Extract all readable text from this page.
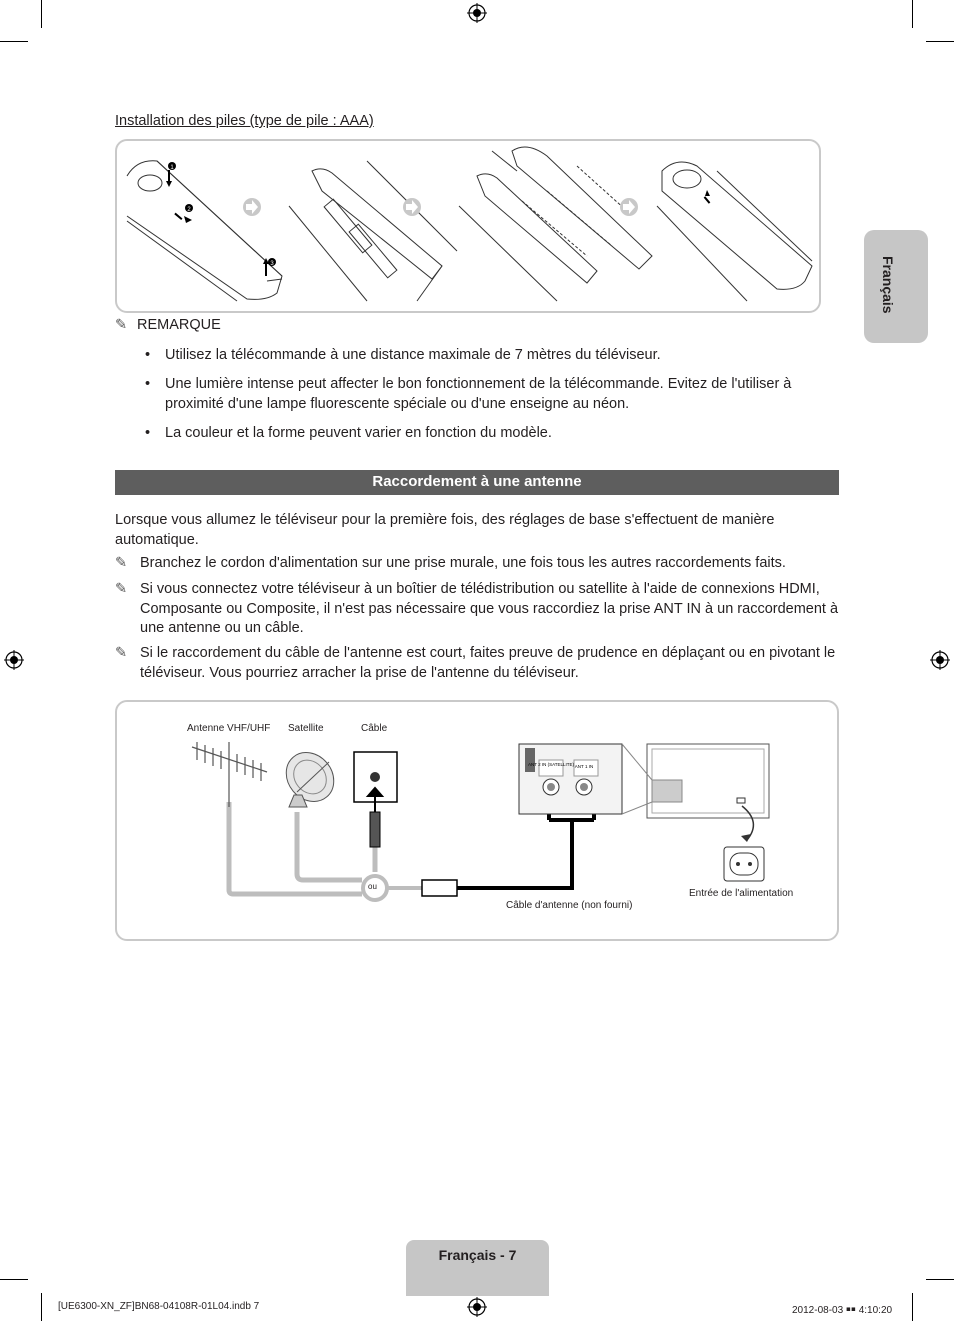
Français
Installation des piles (type de pile : AAA)
1
2
3
✎ REMARQUE
• Utilisez la télécommande à une distance maximale de 7 mètres du téléviseur.
• Une lumière intense peut affecter le bon fonctionnement de la télécommande. Evitez de l'utiliser à proximité d'une lampe fluorescente spéciale ou d'une enseigne au néon.
• La couleur et la forme peuvent varier en fonction du modèle.
Raccordement à une antenne
Lorsque vous allumez le téléviseur pour la première fois, des réglages de base s'effectuent de manière automatique.
✎ Branchez le cordon d'alimentation sur une prise murale, une fois tous les autres raccordements faits.
✎ Si vous connectez votre téléviseur à un boîtier de télédistribution ou satellite à l'aide de connexions HDMI, Composante ou Composite, il n'est pas nécessaire que vous raccordiez la prise ANT IN à un raccordement à une antenne ou un câble.
✎ Si le raccordement du câble de l'antenne est court, faites preuve de prudence en déplaçant ou en pivotant le téléviseur. Vous pourriez arracher la prise de l'antenne du téléviseur.
ANT 2 IN (SATELLITE) ANT 1 IN
Antenne VHF/UHF Satellite	Câble
ou
Câble d'antenne (non fourni)
Entrée de l'alimentation
Français - 7
[UE6300-XN_ZF]BN68-04108R-01L04.indb 7	2012-08-03 ￭￭ 4:10:20
